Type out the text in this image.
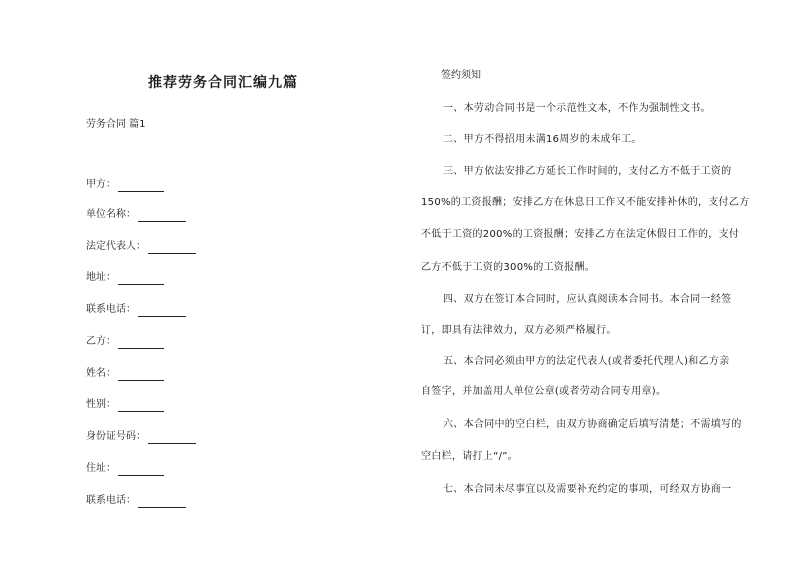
推荐劳务合同汇编九篇
劳务合同 篇1
甲方：
单位名称：
法定代表人：
地址：
联系电话：
乙方：
姓名：
性别：
身份证号码：
住址：
联系电话：
签约须知
一、本劳动合同书是一个示范性文本，不作为强制性文书。
二、甲方不得招用未满16周岁的未成年工。
三、甲方依法安排乙方延长工作时间的，支付乙方不低于工资的
150%的工资报酬；安排乙方在休息日工作又不能安排补休的，支付乙方
不低于工资的200%的工资报酬；安排乙方在法定休假日工作的，支付
乙方不低于工资的300%的工资报酬。
四、双方在签订本合同时，应认真阅读本合同书。本合同一经签
订，即具有法律效力，双方必须严格履行。
五、本合同必须由甲方的法定代表人(或者委托代理人)和乙方亲
自签字，并加盖用人单位公章(或者劳动合同专用章)。
六、本合同中的空白栏，由双方协商确定后填写清楚；不需填写的
空白栏，请打上“/”。
七、本合同未尽事宜以及需要补充约定的事项，可经双方协商一
